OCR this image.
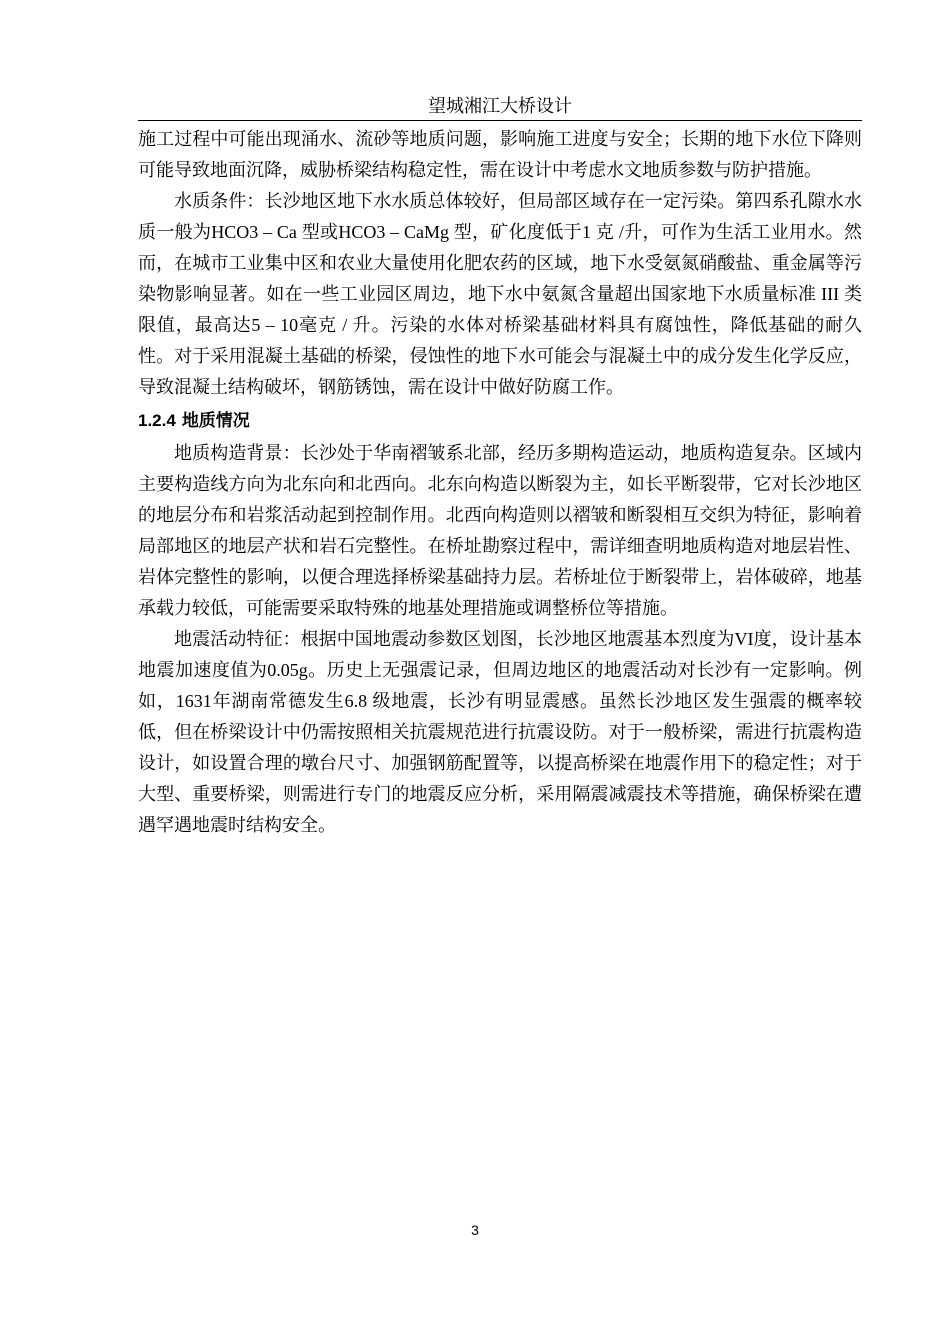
望城湘江大桥设计

施工过程中可能出现涌水、流砂等地质问题，影响施工进度与安全；长期的地下水位下降则可能导致地面沉降，威胁桥梁结构稳定性，需在设计中考虑水文地质参数与防护措施。

水质条件：长沙地区地下水水质总体较好，但局部区域存在一定污染。第四系孔隙水水质一般为HCO3 – Ca 型或HCO3 – CaMg 型，矿化度低于1 克 /升，可作为生活工业用水。然而，在城市工业集中区和农业大量使用化肥农药的区域，地下水受氨氮硝酸盐、重金属等污染物影响显著。如在一些工业园区周边，地下水中氨氮含量超出国家地下水质量标准 III 类限值，最高达5 – 10毫克 / 升。污染的水体对桥梁基础材料具有腐蚀性，降低基础的耐久性。对于采用混凝土基础的桥梁，侵蚀性的地下水可能会与混凝土中的成分发生化学反应，导致混凝土结构破坏，钢筋锈蚀，需在设计中做好防腐工作。

1.2.4 地质情况

地质构造背景：长沙处于华南褶皱系北部，经历多期构造运动，地质构造复杂。区域内主要构造线方向为北东向和北西向。北东向构造以断裂为主，如长平断裂带，它对长沙地区的地层分布和岩浆活动起到控制作用。北西向构造则以褶皱和断裂相互交织为特征，影响着局部地区的地层产状和岩石完整性。在桥址勘察过程中，需详细查明地质构造对地层岩性、岩体完整性的影响，以便合理选择桥梁基础持力层。若桥址位于断裂带上，岩体破碎，地基承载力较低，可能需要采取特殊的地基处理措施或调整桥位等措施。

地震活动特征：根据中国地震动参数区划图，长沙地区地震基本烈度为VI度，设计基本地震加速度值为0.05g。历史上无强震记录，但周边地区的地震活动对长沙有一定影响。例如，1631年湖南常德发生6.8 级地震，长沙有明显震感。虽然长沙地区发生强震的概率较低，但在桥梁设计中仍需按照相关抗震规范进行抗震设防。对于一般桥梁，需进行抗震构造设计，如设置合理的墩台尺寸、加强钢筋配置等，以提高桥梁在地震作用下的稳定性；对于大型、重要桥梁，则需进行专门的地震反应分析，采用隔震减震技术等措施，确保桥梁在遭遇罕遇地震时结构安全。

3
